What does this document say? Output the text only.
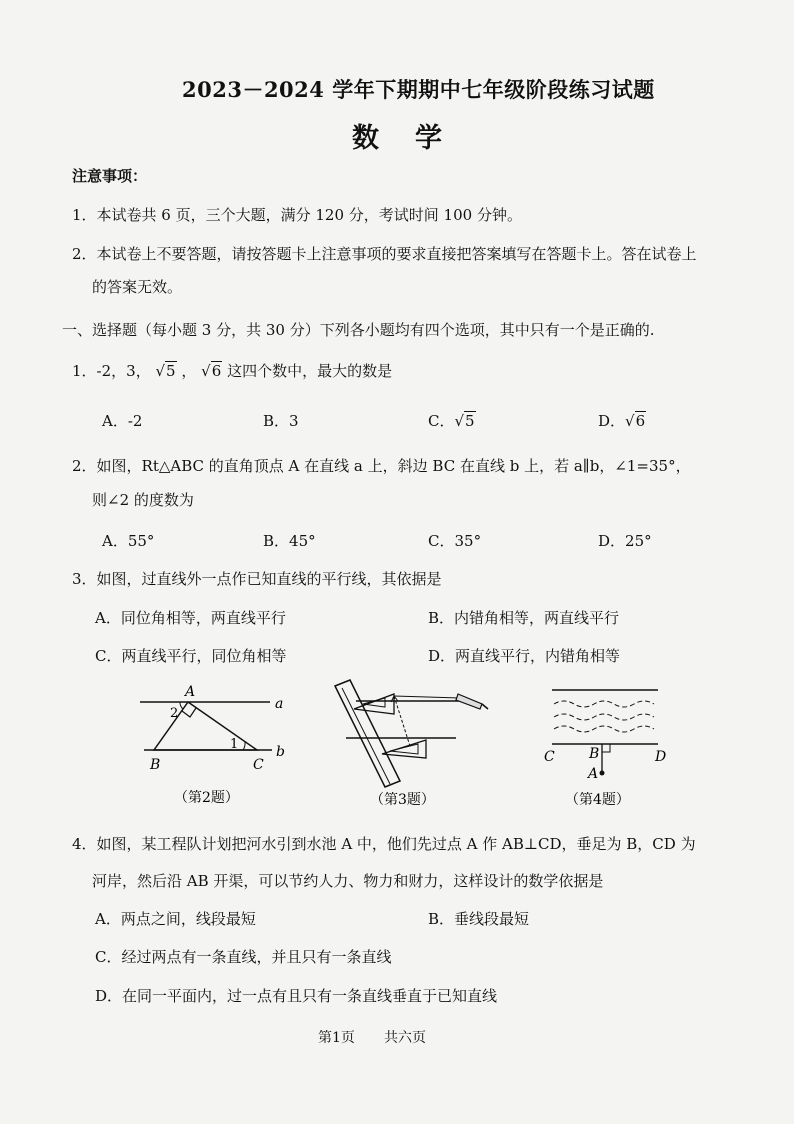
2023－2024 学年下期期中七年级阶段练习试题
数学
注意事项：
1．本试卷共 6 页，三个大题，满分 120 分，考试时间 100 分钟。
2．本试卷上不要答题，请按答题卡上注意事项的要求直接把答案填写在答题卡上。答在试卷上
的答案无效。
一、选择题（每小题 3 分，共 30 分）下列各小题均有四个选项，其中只有一个是正确的.
1．-2，3， √5 ， √6 这四个数中，最大的数是
A．-2	B．3	C．√5	D．√6
2．如图，Rt△ABC 的直角顶点 A 在直线 a 上，斜边 BC 在直线 b 上，若 a∥b，∠1=35°，
则∠2 的度数为
A．55°	B．45°	C．35°	D．25°
3．如图，过直线外一点作已知直线的平行线，其依据是
A．同位角相等，两直线平行	B．内错角相等，两直线平行
C．两直线平行，同位角相等	D．两直线平行，内错角相等
A
2
1
B	C
a
b
（第2题）	（第3题）
C B	D
A
（第4题）
4．如图，某工程队计划把河水引到水池 A 中，他们先过点 A 作 AB⊥CD，垂足为 B，CD 为
河岸，然后沿 AB 开渠，可以节约人力、物力和财力，这样设计的数学依据是
A．两点之间，线段最短	B．垂线段最短
C．经过两点有一条直线，并且只有一条直线
D．在同一平面内，过一点有且只有一条直线垂直于已知直线
第1页 共六页
